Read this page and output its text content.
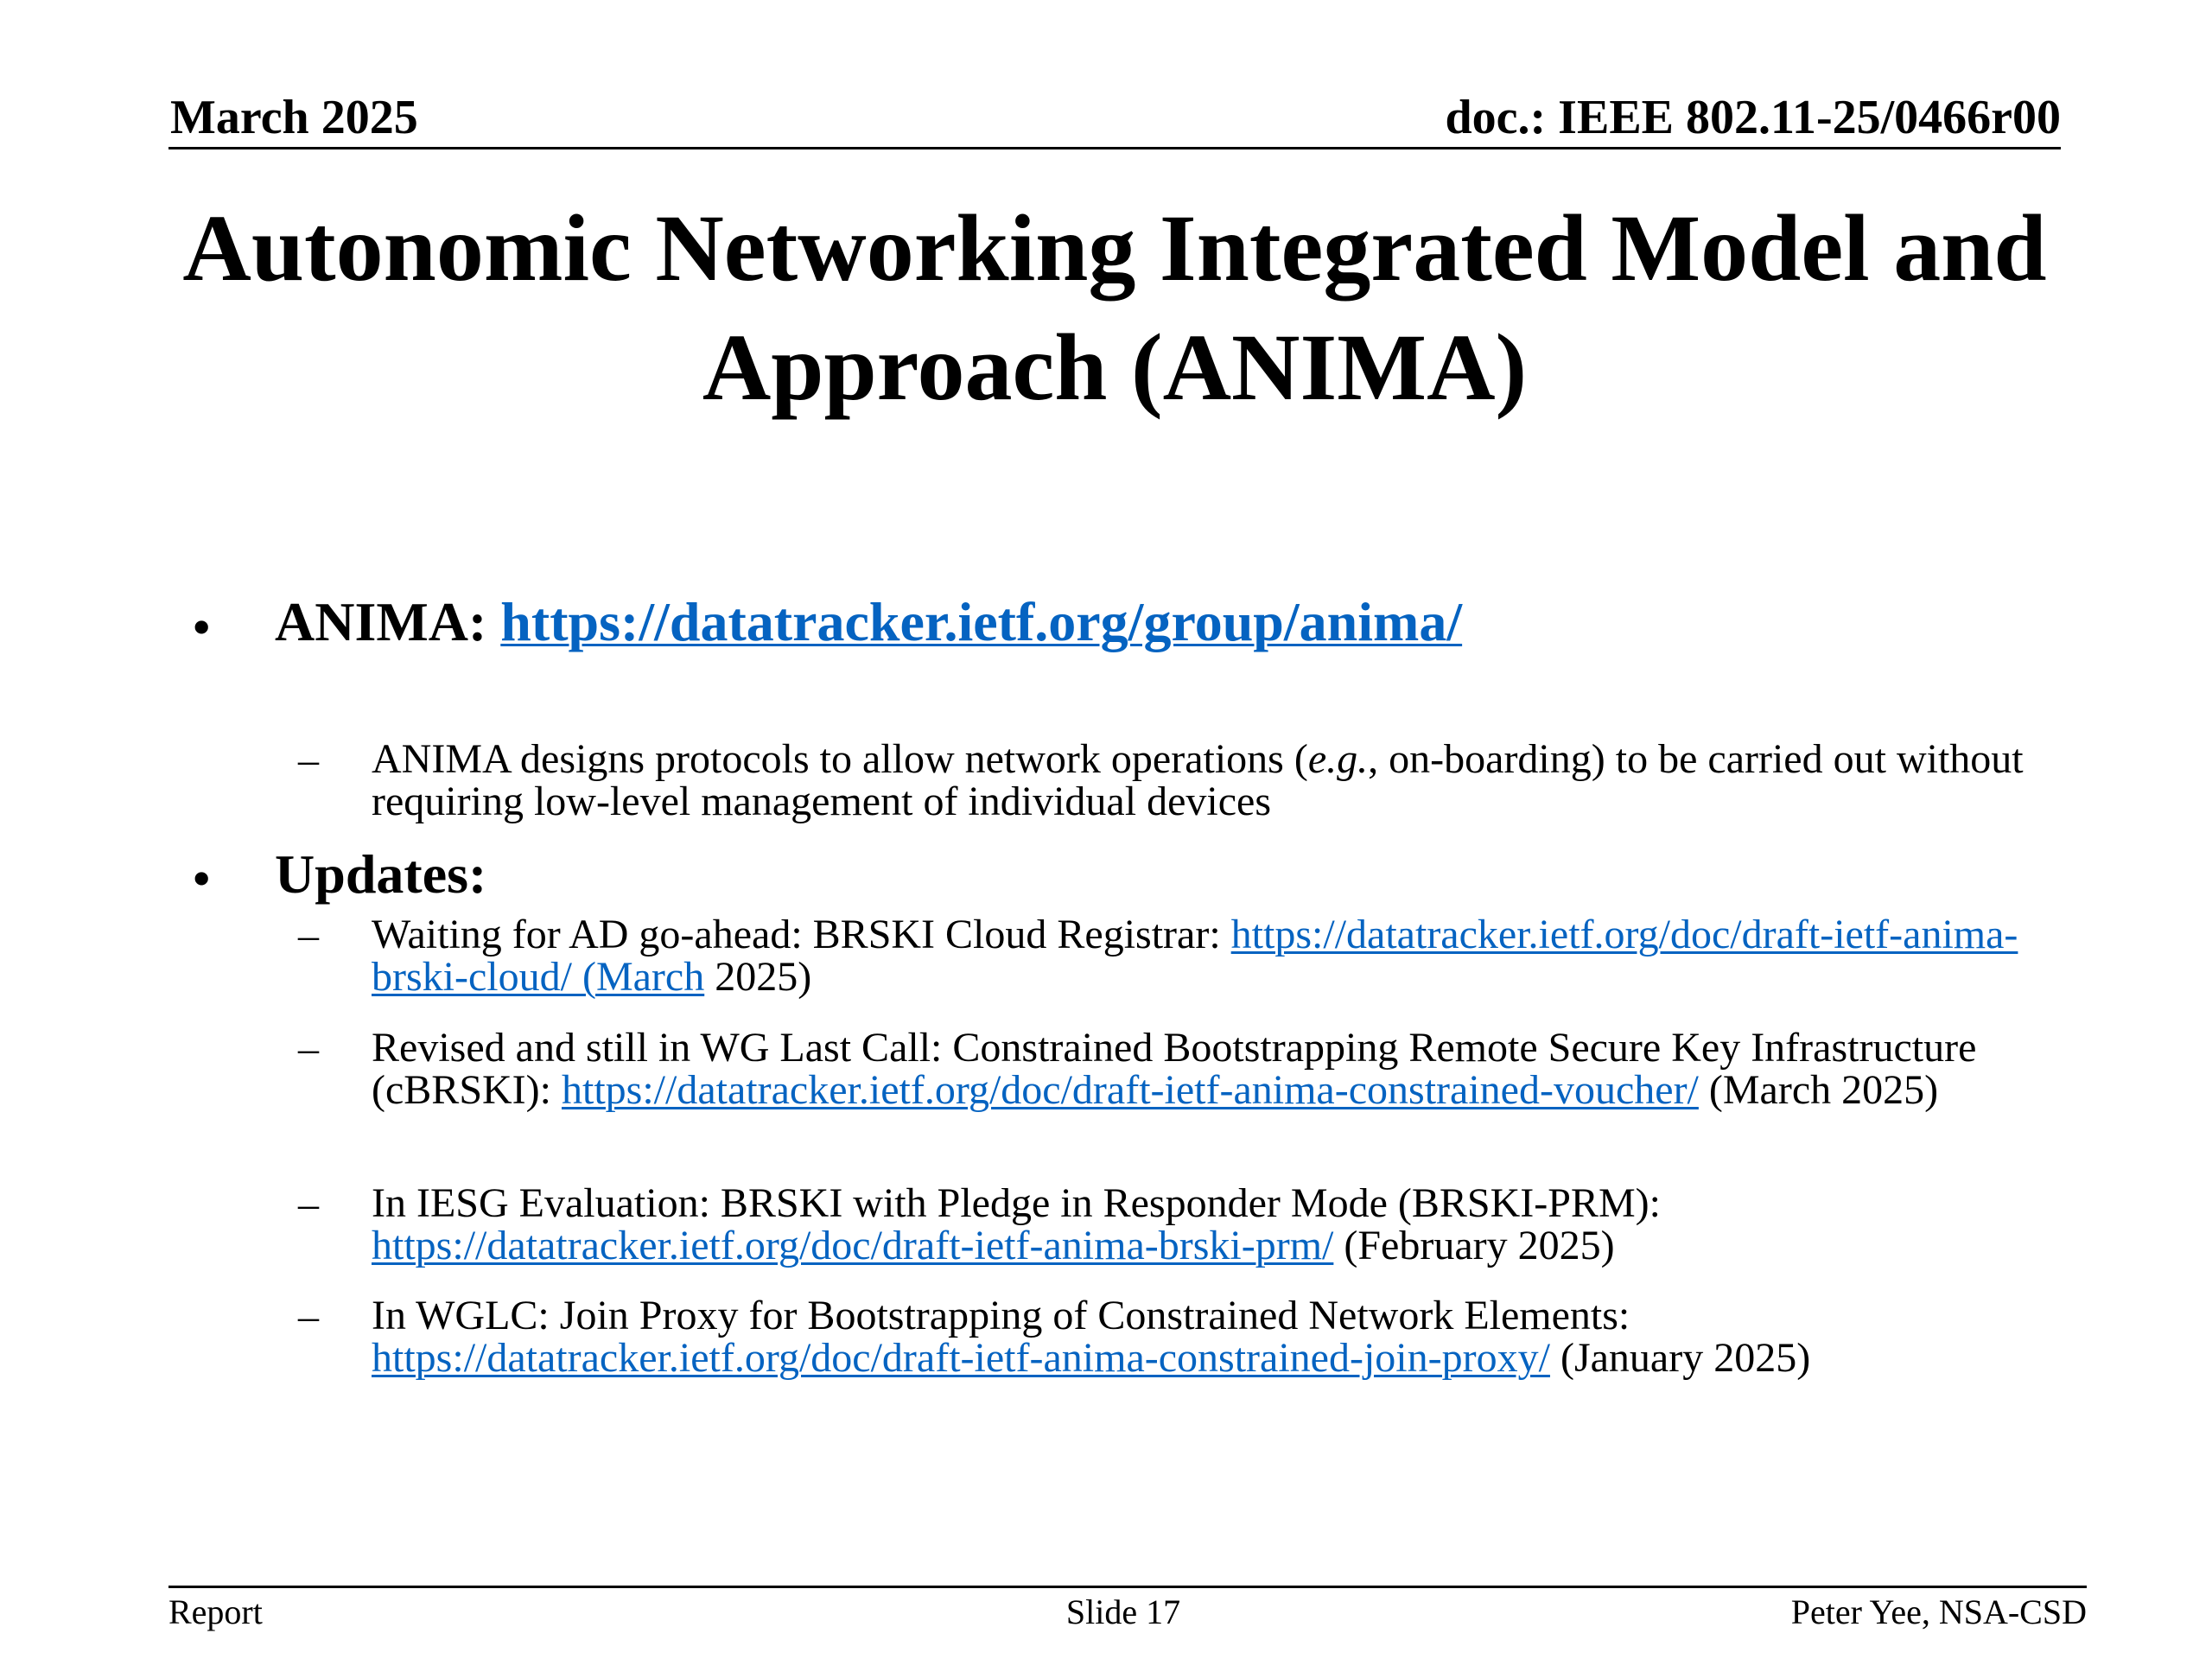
March 2025	doc.: IEEE 802.11-25/0466r00
Autonomic Networking Integrated Model and Approach (ANIMA)
• ANIMA: https://datatracker.ietf.org/group/anima/
– ANIMA designs protocols to allow network operations (e.g., on-boarding) to be carried out without requiring low-level management of individual devices
• Updates:
– Waiting for AD go-ahead: BRSKI Cloud Registrar: https://datatracker.ietf.org/doc/draft-ietf-anima-brski-cloud/ (March 2025)
– Revised and still in WG Last Call: Constrained Bootstrapping Remote Secure Key Infrastructure (cBRSKI): https://datatracker.ietf.org/doc/draft-ietf-anima-constrained-voucher/ (March 2025)
– In IESG Evaluation: BRSKI with Pledge in Responder Mode (BRSKI-PRM): https://datatracker.ietf.org/doc/draft-ietf-anima-brski-prm/ (February 2025)
– In WGLC: Join Proxy for Bootstrapping of Constrained Network Elements: https://datatracker.ietf.org/doc/draft-ietf-anima-constrained-join-proxy/ (January 2025)
Report	Slide 17	Peter Yee, NSA-CSD
